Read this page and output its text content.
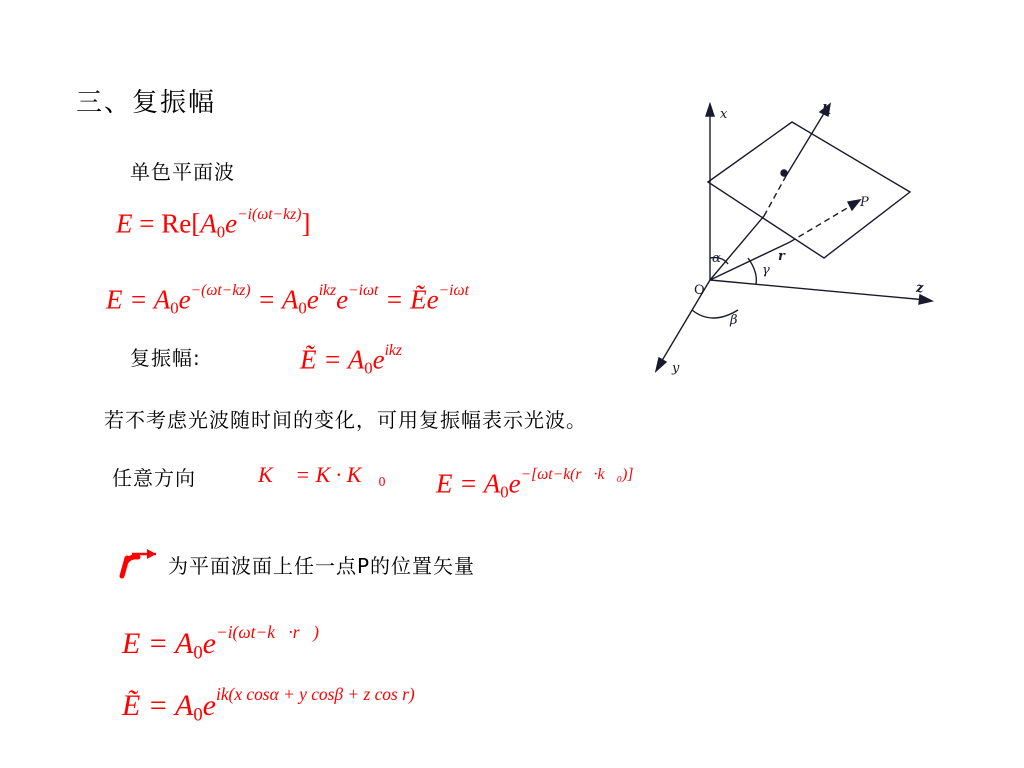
三、复振幅
单色平面波
$E = Re[A_0e^{-i(\omega t-kz)}]$
$E = A_0e^{-(\omega t-kz)} = A_0e^{ikz}e^{-i\omega t}$ = Ẽe$^{-i\omega t}$
复振幅:	Ẽ = $A_0e^{ikz}$
若不考虑光波随时间的变化，可用复振幅表示光波。
任意方向	K⃗ = $K \cdot K⃗_0$ $E = A_0e^{-[\omega t-k(r⃗\cdot k⃗_0)]}$
为平面波面上任一点P的位置矢量
$E = A_0e^{-i(\omega t-k⃗\cdot r⃗)}$
Ẽ = $A_0e^{ik(x cos\alpha + y cos\beta + z cos r)}$
x	k
P
r
α
γ
β
O	z
y
